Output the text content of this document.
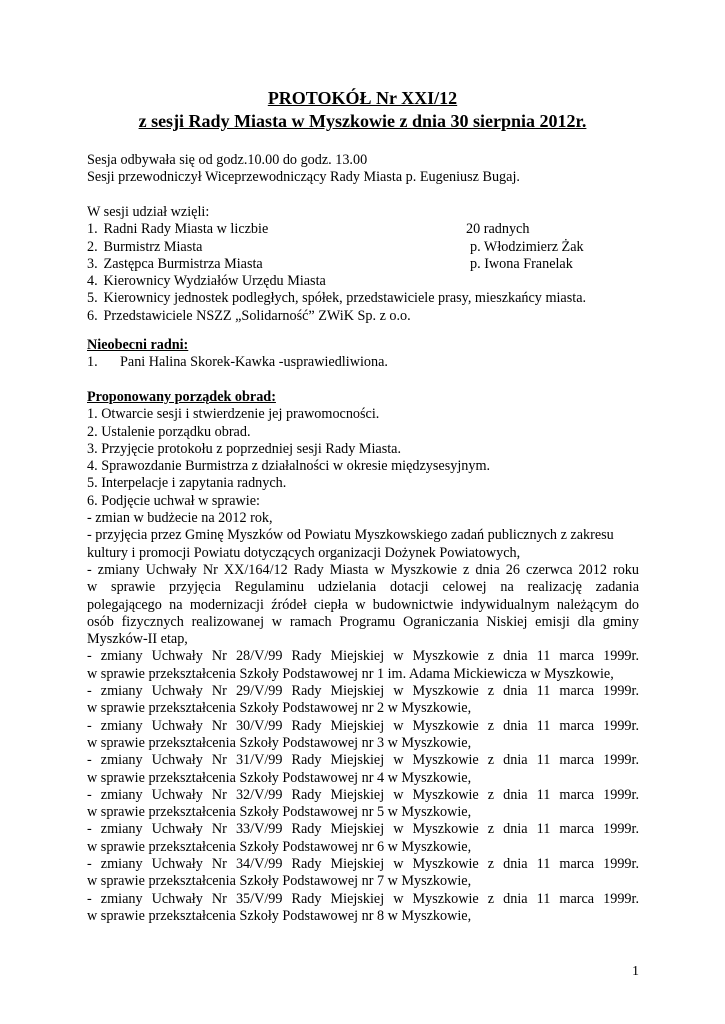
PROTOKÓŁ Nr XXI/12
z sesji Rady Miasta w Myszkowie z dnia 30 sierpnia 2012r.
Sesja odbywała się od godz.10.00 do godz. 13.00
Sesji przewodniczył Wiceprzewodniczący Rady Miasta p. Eugeniusz Bugaj.
W sesji udział wzięli:
1. Radni Rady Miasta w liczbie	20 radnych
2. Burmistrz Miasta	p. Włodzimierz Żak
3. Zastępca Burmistrza Miasta	p. Iwona Franelak
4. Kierownicy Wydziałów Urzędu Miasta
5. Kierownicy jednostek podległych, spółek, przedstawiciele prasy, mieszkańcy miasta.
6. Przedstawiciele NSZZ „Solidarność” ZWiK Sp. z o.o.
Nieobecni radni:
1. Pani Halina Skorek-Kawka -usprawiedliwiona.
Proponowany porządek obrad:
1. Otwarcie sesji i stwierdzenie jej prawomocności.
2. Ustalenie porządku obrad.
3. Przyjęcie protokołu z poprzedniej sesji Rady Miasta.
4. Sprawozdanie Burmistrza z działalności w okresie międzysesyjnym.
5. Interpelacje i zapytania radnych.
6. Podjęcie uchwał w sprawie:
- zmian w budżecie na 2012 rok,
- przyjęcia przez Gminę Myszków od Powiatu Myszkowskiego zadań publicznych z zakresu
kultury i promocji Powiatu dotyczących organizacji Dożynek Powiatowych,
- zmiany Uchwały Nr XX/164/12 Rady Miasta w Myszkowie z dnia 26 czerwca 2012 roku
w sprawie przyjęcia Regulaminu udzielania dotacji celowej na realizację zadania
polegającego na modernizacji źródeł ciepła w budownictwie indywidualnym należącym do
osób fizycznych realizowanej w ramach Programu Ograniczania Niskiej emisji dla gminy
Myszków-II etap,
- zmiany Uchwały Nr 28/V/99 Rady Miejskiej w Myszkowie z dnia 11 marca 1999r.
w sprawie przekształcenia Szkoły Podstawowej nr 1 im. Adama Mickiewicza w Myszkowie,
- zmiany Uchwały Nr 29/V/99 Rady Miejskiej w Myszkowie z dnia 11 marca 1999r.
w sprawie przekształcenia Szkoły Podstawowej nr 2 w Myszkowie,
- zmiany Uchwały Nr 30/V/99 Rady Miejskiej w Myszkowie z dnia 11 marca 1999r.
w sprawie przekształcenia Szkoły Podstawowej nr 3 w Myszkowie,
- zmiany Uchwały Nr 31/V/99 Rady Miejskiej w Myszkowie z dnia 11 marca 1999r.
w sprawie przekształcenia Szkoły Podstawowej nr 4 w Myszkowie,
- zmiany Uchwały Nr 32/V/99 Rady Miejskiej w Myszkowie z dnia 11 marca 1999r.
w sprawie przekształcenia Szkoły Podstawowej nr 5 w Myszkowie,
- zmiany Uchwały Nr 33/V/99 Rady Miejskiej w Myszkowie z dnia 11 marca 1999r.
w sprawie przekształcenia Szkoły Podstawowej nr 6 w Myszkowie,
- zmiany Uchwały Nr 34/V/99 Rady Miejskiej w Myszkowie z dnia 11 marca 1999r.
w sprawie przekształcenia Szkoły Podstawowej nr 7 w Myszkowie,
- zmiany Uchwały Nr 35/V/99 Rady Miejskiej w Myszkowie z dnia 11 marca 1999r.
w sprawie przekształcenia Szkoły Podstawowej nr 8 w Myszkowie,
1
